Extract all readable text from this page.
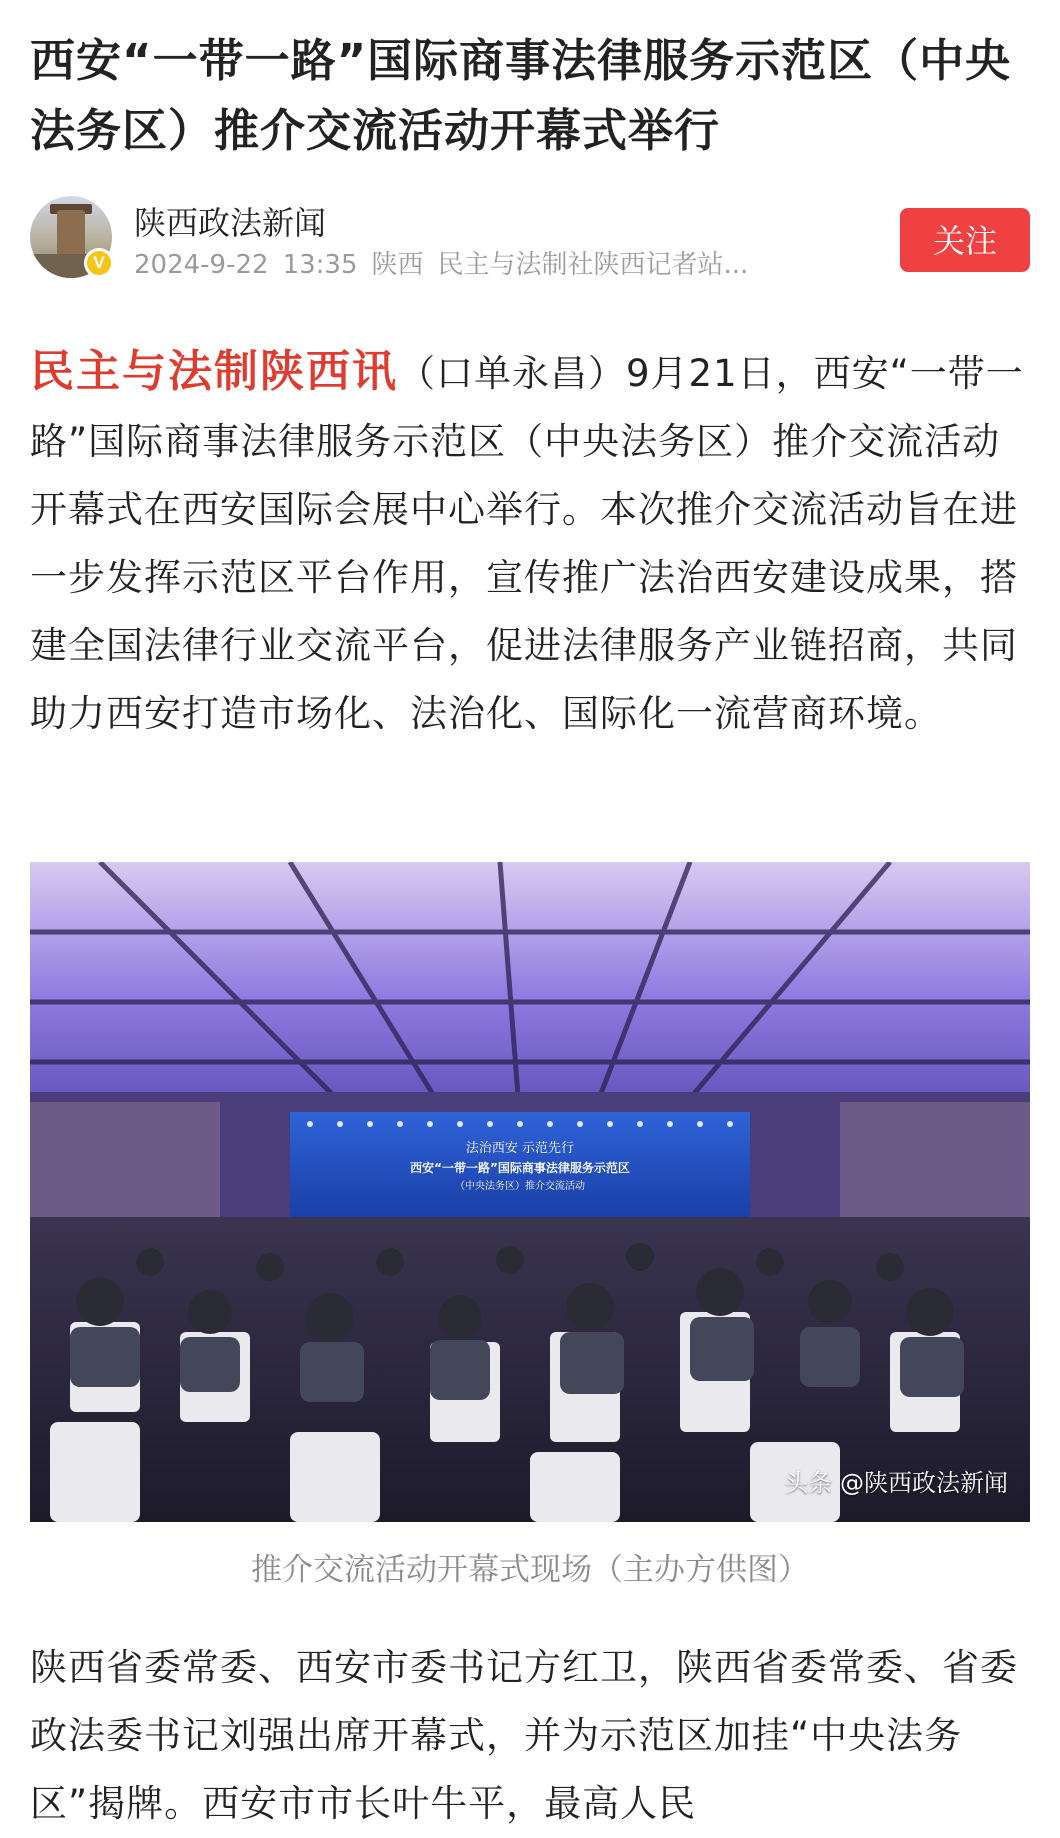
西安“一带一路”国际商事法律服务示范区（中央法务区）推介交流活动开幕式举行
V
陕西政法新闻
2024-9-22 13:35 陕西 民主与法制社陕西记者站...
关注
民主与法制陕西讯（口单永昌）9月21日，西安“一带一路”国际商事法律服务示范区（中央法务区）推介交流活动开幕式在西安国际会展中心举行。本次推介交流活动旨在进一步发挥示范区平台作用，宣传推广法治西安建设成果，搭建全国法律行业交流平台，促进法律服务产业链招商，共同助力西安打造市场化、法治化、国际化一流营商环境。
法治西安 示范先行
西安“一带一路”国际商事法律服务示范区
（中央法务区）推介交流活动
头条 @陕西政法新闻
推介交流活动开幕式现场（主办方供图）
陕西省委常委、西安市委书记方红卫，陕西省委常委、省委政法委书记刘强出席开幕式，并为示范区加挂“中央法务区”揭牌。西安市市长叶牛平，最高人民
